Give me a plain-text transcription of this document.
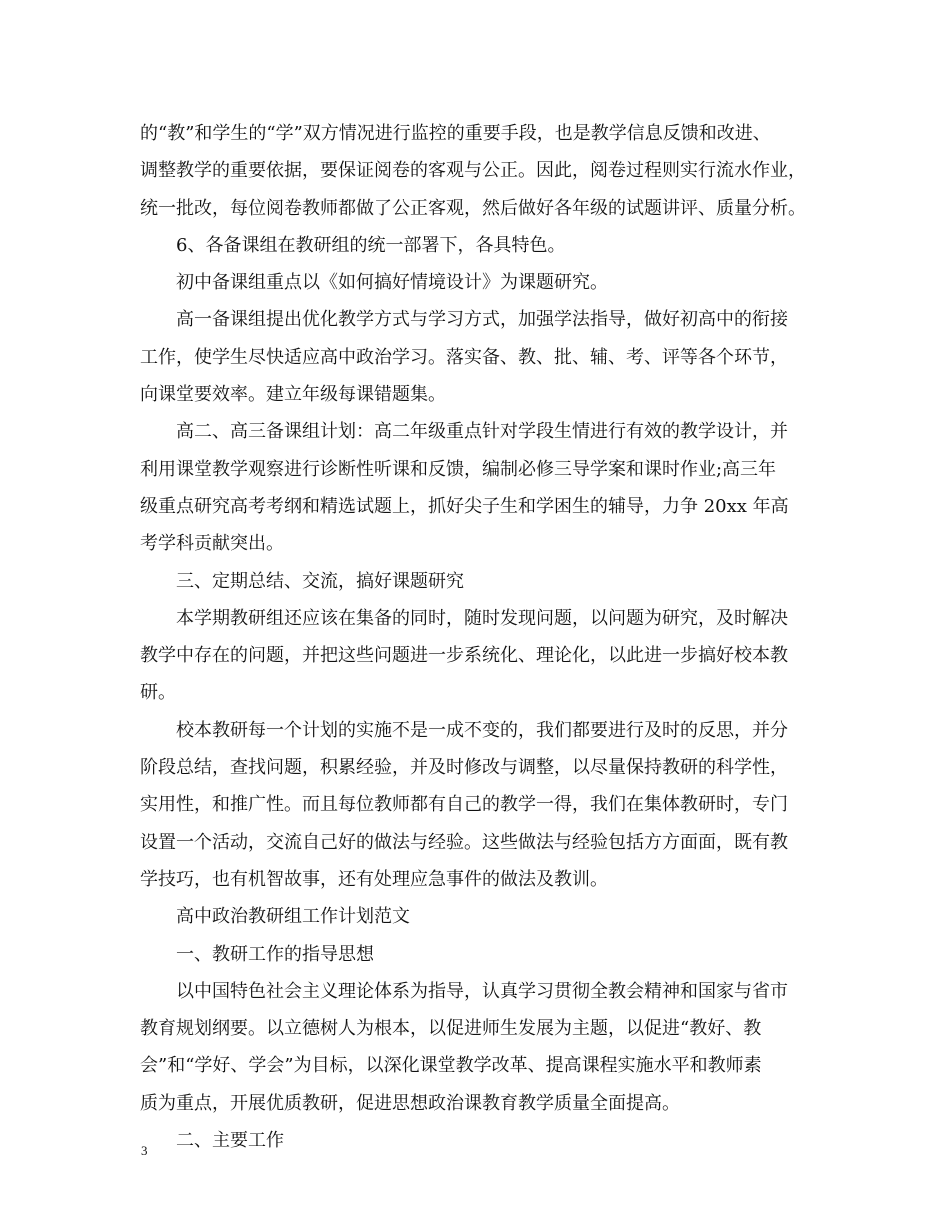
的“教”和学生的“学”双方情况进行监控的重要手段，也是教学信息反馈和改进、
调整教学的重要依据，要保证阅卷的客观与公正。因此，阅卷过程则实行流水作业，
统一批改，每位阅卷教师都做了公正客观，然后做好各年级的试题讲评、质量分析。
6、各备课组在教研组的统一部署下，各具特色。
初中备课组重点以《如何搞好情境设计》为课题研究。
高一备课组提出优化教学方式与学习方式，加强学法指导，做好初高中的衔接
工作，使学生尽快适应高中政治学习。落实备、教、批、辅、考、评等各个环节，
向课堂要效率。建立年级每课错题集。
高二、高三备课组计划：高二年级重点针对学段生情进行有效的教学设计，并
利用课堂教学观察进行诊断性听课和反馈，编制必修三导学案和课时作业;高三年
级重点研究高考考纲和精选试题上，抓好尖子生和学困生的辅导，力争 20xx 年高
考学科贡献突出。
三、定期总结、交流，搞好课题研究
本学期教研组还应该在集备的同时，随时发现问题，以问题为研究，及时解决
教学中存在的问题，并把这些问题进一步系统化、理论化，以此进一步搞好校本教
研。
校本教研每一个计划的实施不是一成不变的，我们都要进行及时的反思，并分
阶段总结，查找问题，积累经验，并及时修改与调整，以尽量保持教研的科学性，
实用性，和推广性。而且每位教师都有自己的教学一得，我们在集体教研时，专门
设置一个活动，交流自己好的做法与经验。这些做法与经验包括方方面面，既有教
学技巧，也有机智故事，还有处理应急事件的做法及教训。
高中政治教研组工作计划范文
一、教研工作的指导思想
以中国特色社会主义理论体系为指导，认真学习贯彻全教会精神和国家与省市
教育规划纲要。以立德树人为根本，以促进师生发展为主题，以促进“教好、教
会”和“学好、学会”为目标，以深化课堂教学改革、提高课程实施水平和教师素
质为重点，开展优质教研，促进思想政治课教育教学质量全面提高。
二、主要工作
3
